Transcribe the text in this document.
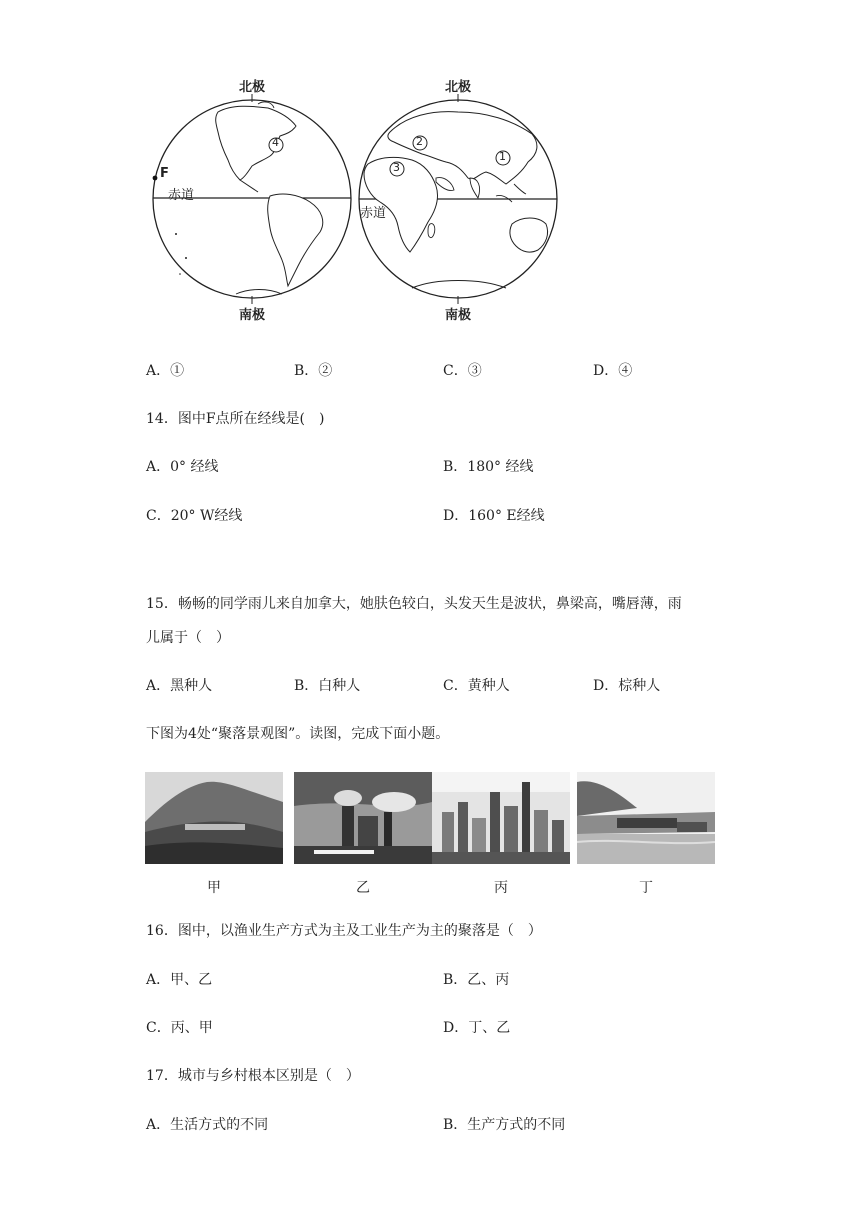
北极
南极
赤道
F
4
北极
南极
赤道
2
3
1
A．①	B．②	C．③	D．④
14．图中F点所在经线是(　)
A．0° 经线	B．180° 经线
C．20° W经线	D．160° E经线
15．畅畅的同学雨儿来自加拿大，她肤色较白，头发天生是波状，鼻梁高，嘴唇薄，雨
儿属于（　）
A．黑种人	B．白种人	C．黄种人	D．棕种人
下图为4处“聚落景观图”。读图，完成下面小题。
甲	乙	丙	丁
16．图中，以渔业生产方式为主及工业生产为主的聚落是（　）
A．甲、乙	B．乙、丙
C．丙、甲	D．丁、乙
17．城市与乡村根本区别是（　）
A．生活方式的不同	B．生产方式的不同
